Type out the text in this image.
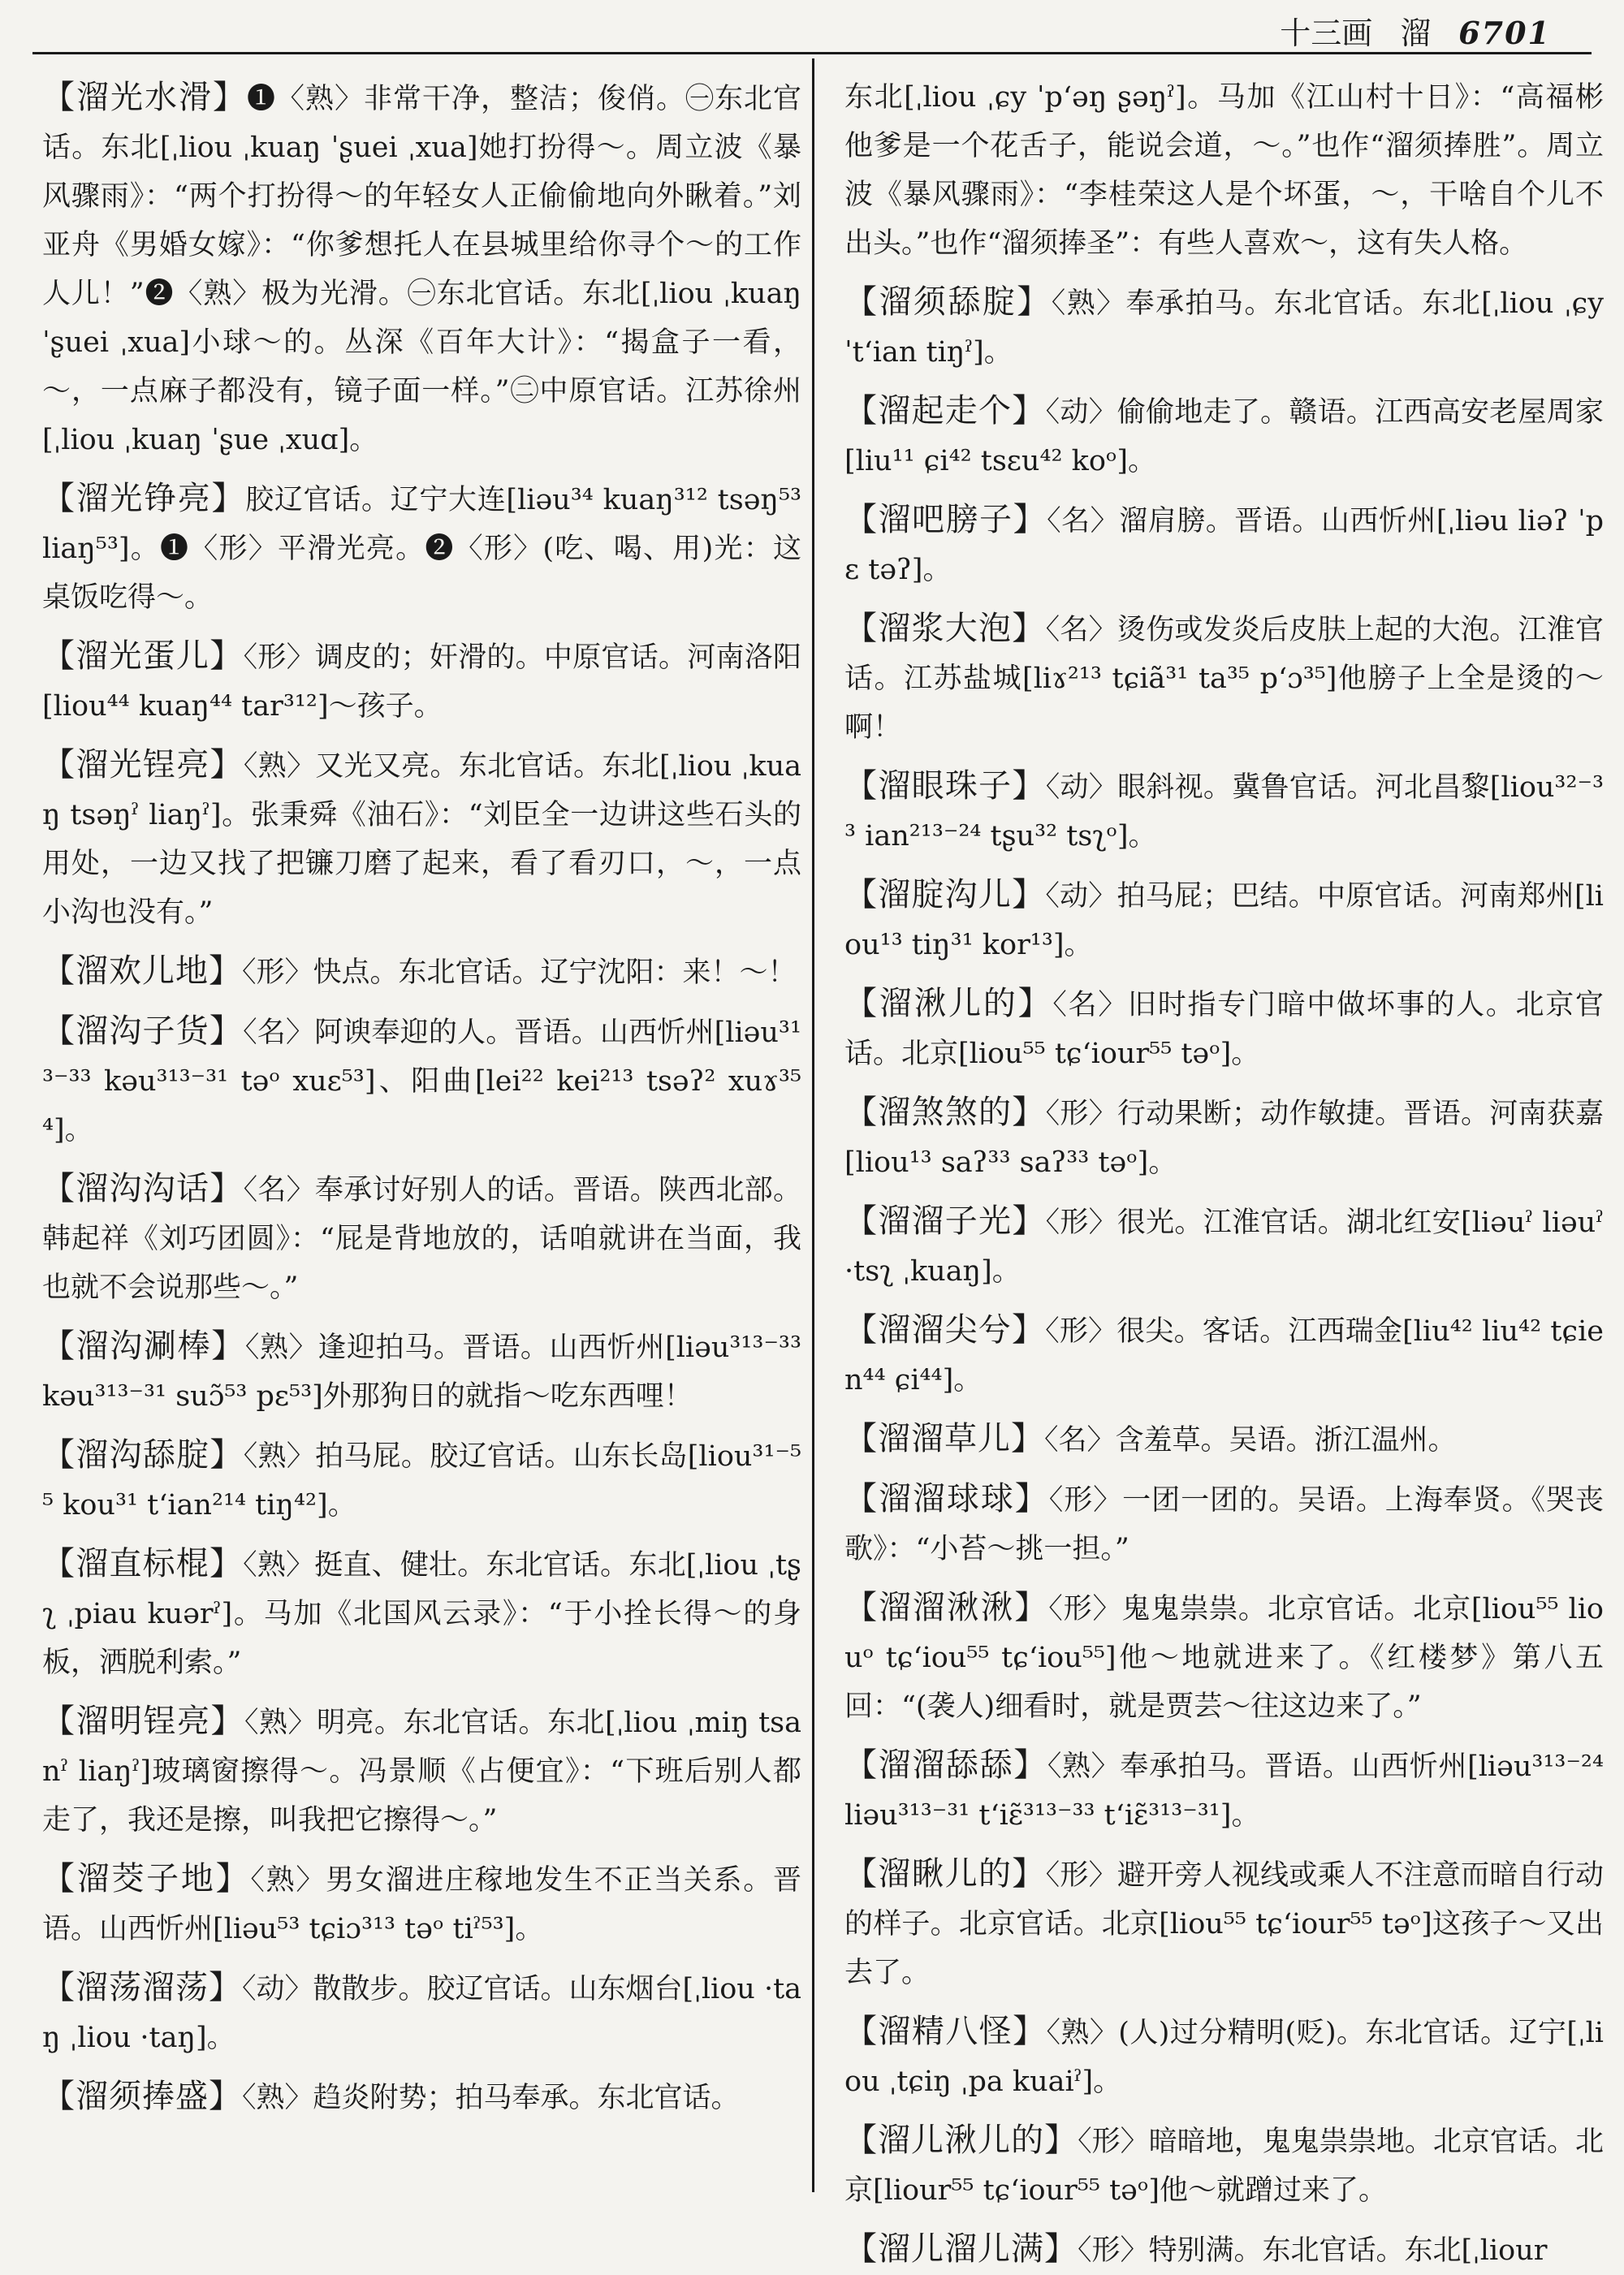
十三画 溜 6701

【溜光水滑】❶〈熟〉非常干净，整洁；俊俏。㊀东北官话。东北[ˌliou ˌkuaŋ ˈʂuei ˌxua]她打扮得～。周立波《暴风骤雨》：“两个打扮得～的年轻女人正偷偷地向外瞅着。”刘亚舟《男婚女嫁》：“你爹想托人在县城里给你寻个～的工作人儿！”❷〈熟〉极为光滑。㊀东北官话。东北[ˌliou ˌkuaŋ ˈʂuei ˌxua]小球～的。丛深《百年大计》：“揭盒子一看，～，一点麻子都没有，镜子面一样。”㊁中原官话。江苏徐州[ˌliou ˌkuaŋ ˈʂue ˌxuɑ]。

【溜光铮亮】胶辽官话。辽宁大连[liəu³⁴ kuaŋ³¹² tsəŋ⁵³ liaŋ⁵³]。❶〈形〉平滑光亮。❷〈形〉(吃、喝、用)光：这桌饭吃得～。

【溜光蛋儿】〈形〉调皮的；奸滑的。中原官话。河南洛阳[liou⁴⁴ kuaŋ⁴⁴ tar³¹²]～孩子。

【溜光锃亮】〈熟〉又光又亮。东北官话。东北[ˌliou ˌkuaŋ tsəŋˀ liaŋˀ]。张秉舜《油石》：“刘臣全一边讲这些石头的用处，一边又找了把镰刀磨了起来，看了看刃口，～，一点小沟也没有。”

【溜欢儿地】〈形〉快点。东北官话。辽宁沈阳：来！～！

【溜沟子货】〈名〉阿谀奉迎的人。晋语。山西忻州[liəu³¹³⁻³³ kəu³¹³⁻³¹ təᵒ xuɛ⁵³]、阳曲[lei²² kei²¹³ tsəʔ² xuɤ³⁵⁴]。

【溜沟沟话】〈名〉奉承讨好别人的话。晋语。陕西北部。韩起祥《刘巧团圆》：“屁是背地放的，话咱就讲在当面，我也就不会说那些～。”

【溜沟涮棒】〈熟〉逢迎拍马。晋语。山西忻州[liəu³¹³⁻³³ kəu³¹³⁻³¹ suɔ̃⁵³ pɛ⁵³]外那狗日的就指～吃东西哩！

【溜沟舔腚】〈熟〉拍马屁。胶辽官话。山东长岛[liou³¹⁻⁵⁵ kou³¹ tʻian²¹⁴ tiŋ⁴²]。

【溜直标棍】〈熟〉挺直、健壮。东北官话。东北[ˌliou ˌtʂʅ ˌpiau kuərˀ]。马加《北国风云录》：“于小拴长得～的身板，洒脱利索。”

【溜明锃亮】〈熟〉明亮。东北官话。东北[ˌliou ˌmiŋ tsanˀ liaŋˀ]玻璃窗擦得～。冯景顺《占便宜》：“下班后别人都走了，我还是擦，叫我把它擦得～。”

【溜茭子地】〈熟〉男女溜进庄稼地发生不正当关系。晋语。山西忻州[liəu⁵³ tɕiɔ³¹³ təᵒ tiˀ⁵³]。

【溜荡溜荡】〈动〉散散步。胶辽官话。山东烟台[ˌliou ·taŋ ˌliou ·taŋ]。

【溜须捧盛】〈熟〉趋炎附势；拍马奉承。东北官话。

东北[ˌliou ˌɕy ˈpʻəŋ ʂəŋˀ]。马加《江山村十日》：“高福彬他爹是一个花舌子，能说会道，～。”也作“溜须捧胜”。周立波《暴风骤雨》：“李桂荣这人是个坏蛋，～，干啥自个儿不出头。”也作“溜须捧圣”：有些人喜欢～，这有失人格。

【溜须舔腚】〈熟〉奉承拍马。东北官话。东北[ˌliou ˌɕy ˈtʻian tiŋˀ]。

【溜起走个】〈动〉偷偷地走了。赣语。江西高安老屋周家[liu¹¹ ɕi⁴² tsɛu⁴² koᵒ]。

【溜吧膀子】〈名〉溜肩膀。晋语。山西忻州[ˌliəu liəʔ ˈpɛ təʔ]。

【溜浆大泡】〈名〉烫伤或发炎后皮肤上起的大泡。江淮官话。江苏盐城[liɤ²¹³ tɕiã³¹ ta³⁵ pʻɔ³⁵]他膀子上全是烫的～啊！

【溜眼珠子】〈动〉眼斜视。冀鲁官话。河北昌黎[liou³²⁻³³ ian²¹³⁻²⁴ tʂu³² tsʅᵒ]。

【溜腚沟儿】〈动〉拍马屁；巴结。中原官话。河南郑州[liou¹³ tiŋ³¹ kor¹³]。

【溜湫儿的】〈名〉旧时指专门暗中做坏事的人。北京官话。北京[liou⁵⁵ tɕʻiour⁵⁵ təᵒ]。

【溜煞煞的】〈形〉行动果断；动作敏捷。晋语。河南获嘉[liou¹³ saʔ³³ saʔ³³ təᵒ]。

【溜溜子光】〈形〉很光。江淮官话。湖北红安[liəuˀ liəuˀ ·tsʅ ˌkuaŋ]。

【溜溜尖兮】〈形〉很尖。客话。江西瑞金[liu⁴² liu⁴² tɕien⁴⁴ ɕi⁴⁴]。

【溜溜草儿】〈名〉含羞草。吴语。浙江温州。

【溜溜球球】〈形〉一团一团的。吴语。上海奉贤。《哭丧歌》：“小苔～挑一担。”

【溜溜湫湫】〈形〉鬼鬼祟祟。北京官话。北京[liou⁵⁵ liouᵒ tɕʻiou⁵⁵ tɕʻiou⁵⁵]他～地就进来了。《红楼梦》第八五回：“(袭人)细看时，就是贾芸～往这边来了。”

【溜溜舔舔】〈熟〉奉承拍马。晋语。山西忻州[liəu³¹³⁻²⁴ liəu³¹³⁻³¹ tʻiɛ̃³¹³⁻³³ tʻiɛ̃³¹³⁻³¹]。

【溜瞅儿的】〈形〉避开旁人视线或乘人不注意而暗自行动的样子。北京官话。北京[liou⁵⁵ tɕʻiour⁵⁵ təᵒ]这孩子～又出去了。

【溜精八怪】〈熟〉(人)过分精明(贬)。东北官话。辽宁[ˌliou ˌtɕiŋ ˌpa kuaiˀ]。

【溜儿湫儿的】〈形〉暗暗地，鬼鬼祟祟地。北京官话。北京[liour⁵⁵ tɕʻiour⁵⁵ təᵒ]他～就蹭过来了。

【溜儿溜儿满】〈形〉特别满。东北官话。东北[ˌliour
